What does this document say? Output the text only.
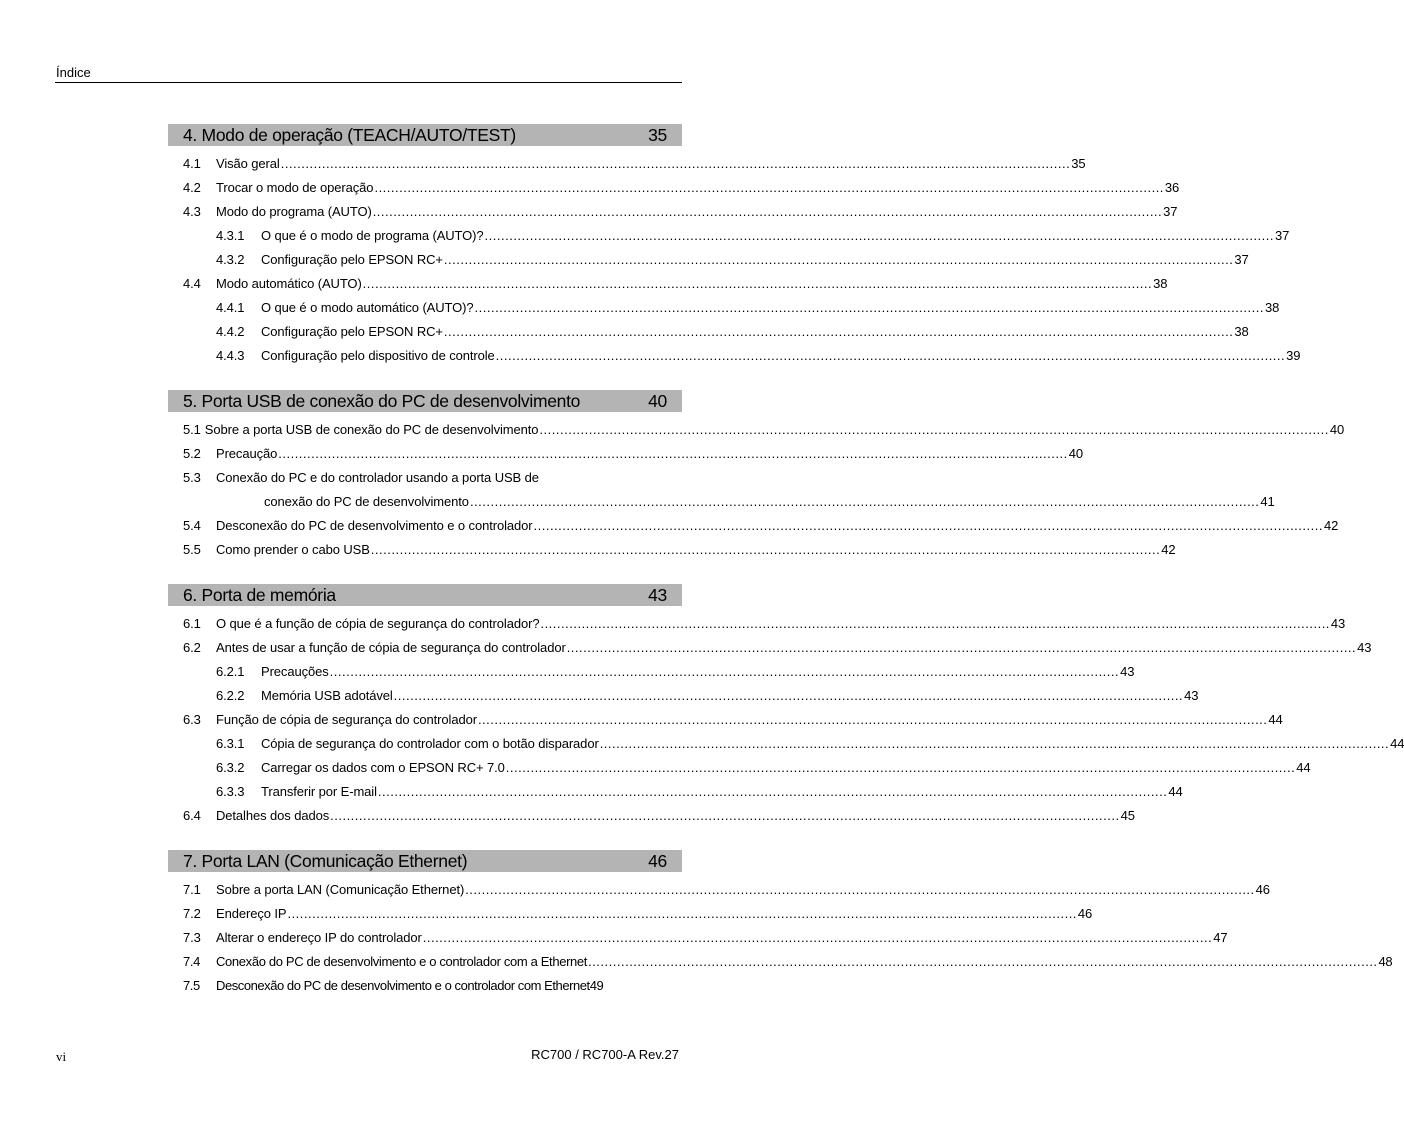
Índice
4. Modo de operação (TEACH/AUTO/TEST)	35
4.1	Visão geral .....	35
4.2	Trocar o modo de operação .....	36
4.3	Modo do programa (AUTO) .....	37
4.3.1	O que é o modo de programa (AUTO)? .....	37
4.3.2	Configuração pelo EPSON RC+ .....	37
4.4	Modo automático (AUTO) .....	38
4.4.1	O que é o modo automático (AUTO)? .....	38
4.4.2	Configuração pelo EPSON RC+ .....	38
4.4.3	Configuração pelo dispositivo de controle .....	39
5. Porta USB de conexão do PC de desenvolvimento	40
5.1 Sobre a porta USB de conexão do PC de desenvolvimento .....	40
5.2	Precaução .....	40
5.3	Conexão do PC e do controlador usando a porta USB de
conexão do PC de desenvolvimento .....	41
5.4	Desconexão do PC de desenvolvimento e o controlador .....	42
5.5	Como prender o cabo USB .....	42
6. Porta de memória	43
6.1	O que é a função de cópia de segurança do controlador? .....	43
6.2	Antes de usar a função de cópia de segurança do controlador .....	43
6.2.1	Precauções .....	43
6.2.2	Memória USB adotável .....	43
6.3	Função de cópia de segurança do controlador .....	44
6.3.1	Cópia de segurança do controlador com o botão disparador .....	44
6.3.2	Carregar os dados com o EPSON RC+ 7.0 .....	44
6.3.3	Transferir por E-mail .....	44
6.4	Detalhes dos dados .....	45
7. Porta LAN (Comunicação Ethernet)	46
7.1	Sobre a porta LAN (Comunicação Ethernet) .....	46
7.2	Endereço IP .....	46
7.3	Alterar o endereço IP do controlador .....	47
7.4	Conexão do PC de desenvolvimento e o controlador com a Ethernet .....	48
7.5	Desconexão do PC de desenvolvimento e o controlador com Ethernet 49
vi	RC700 / RC700-A Rev.27
